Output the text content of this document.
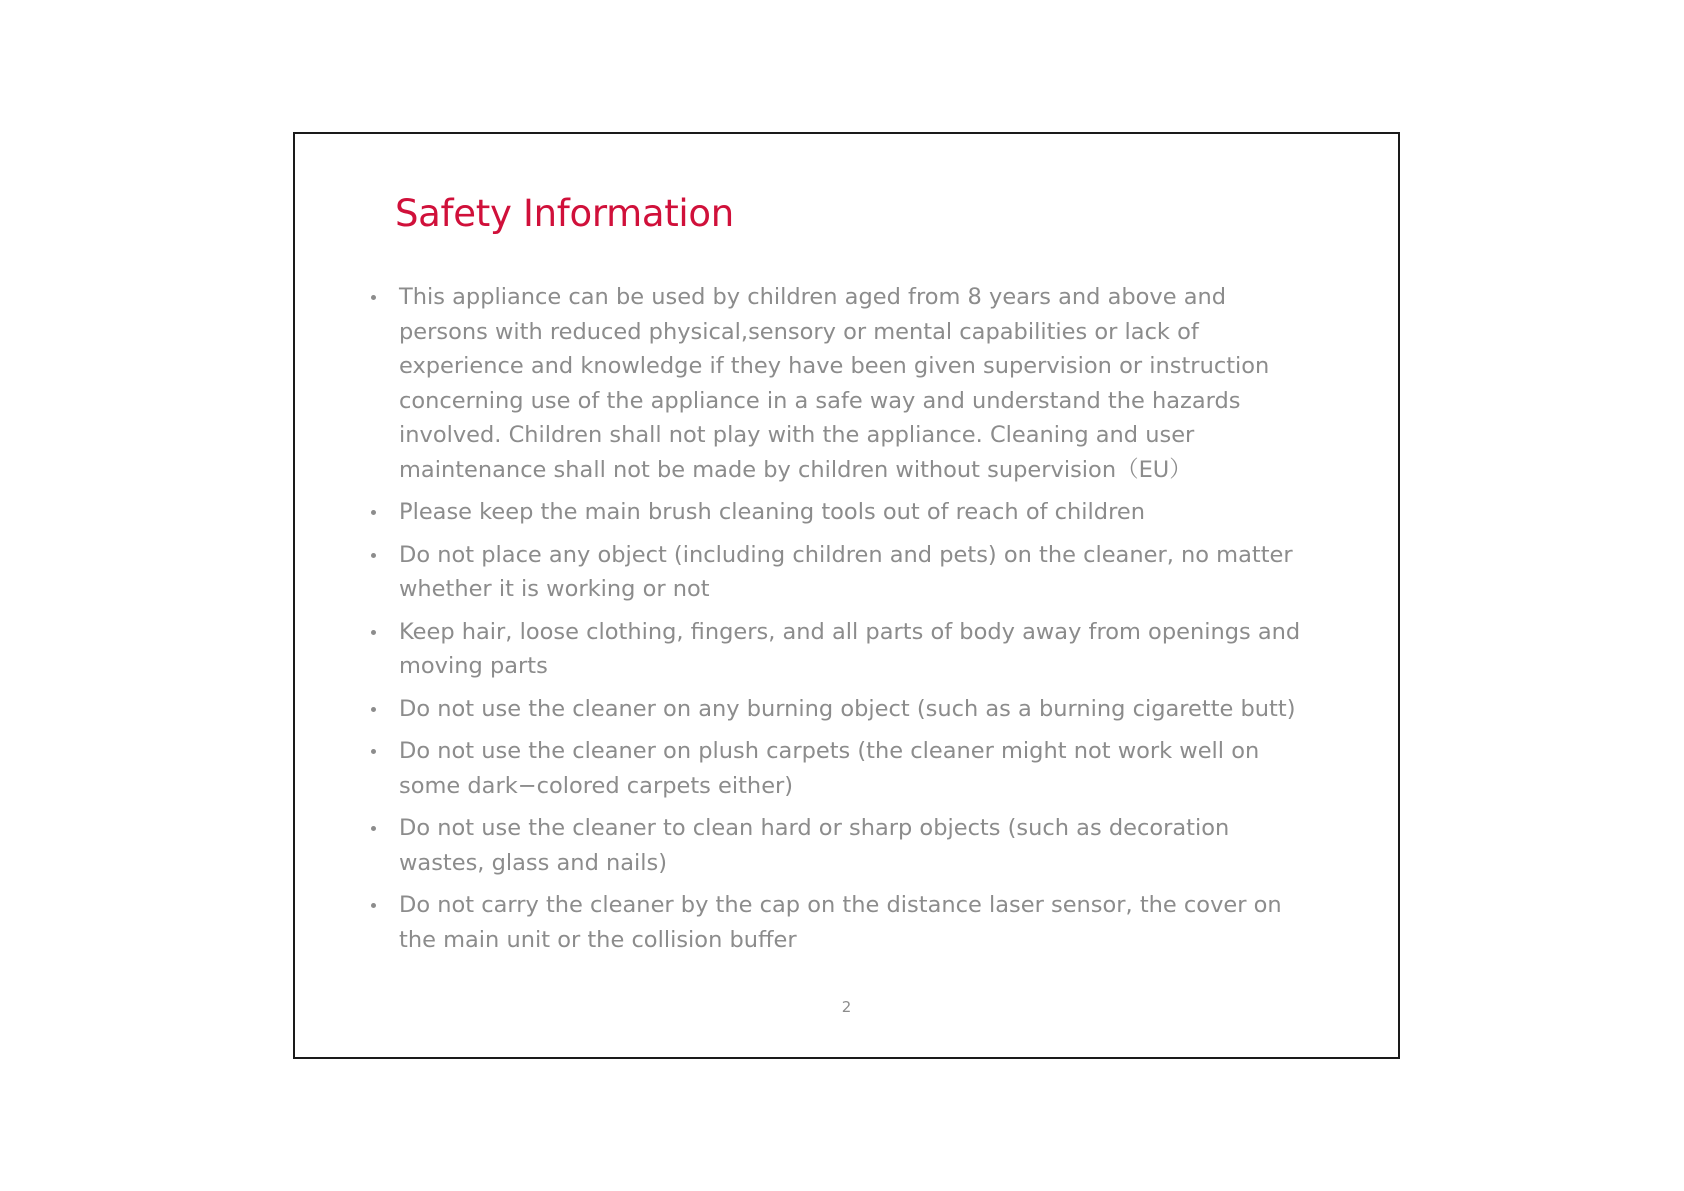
Safety Information
This appliance can be used by children aged from 8 years and above and persons with reduced physical,sensory or mental capabilities or lack of experience and knowledge if they have been given supervision or instruction concerning use of the appliance in a safe way and understand the hazards involved. Children shall not play with the appliance. Cleaning and user maintenance shall not be made by children without supervision（EU）
Please keep the main brush cleaning tools out of reach of children
Do not place any object (including children and pets) on the cleaner, no matter whether it is working or not
Keep hair, loose clothing, fingers, and all parts of body away from openings and moving parts
Do not use the cleaner on any burning object (such as a burning cigarette butt)
Do not use the cleaner on plush carpets (the cleaner might not work well on some dark−colored carpets either)
Do not use the cleaner to clean hard or sharp objects (such as decoration wastes, glass and nails)
Do not carry the cleaner by the cap on the distance laser sensor, the cover on the main unit or the collision buffer
2
